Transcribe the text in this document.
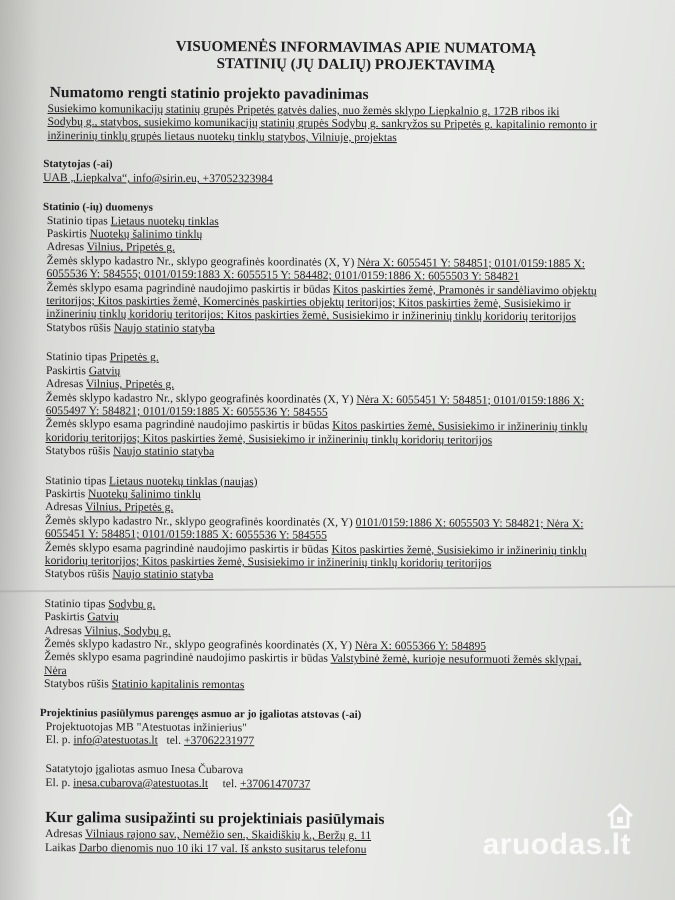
VISUOMENĖS INFORMAVIMAS APIE NUMATOMĄ
STATINIŲ (JŲ DALIŲ) PROJEKTAVIMĄ
Numatomo rengti statinio projekto pavadinimas
Susiekimo komunikacijų statinių grupės Pripetės gatvės dalies, nuo žemės sklypo Liepkalnio g. 172B ribos iki
Sodybų g., statybos, susiekimo komunikacijų statinių grupės Sodybų g. sankryžos su Pripetės g. kapitalinio remonto ir
inžinerinių tinklų grupės lietaus nuotekų tinklų statybos, Vilniuje, projektas
Statytojas (-ai)
UAB „Liepkalva“, info@sirin.eu, +37052323984
Statinio (-ių) duomenys
Statinio tipas Lietaus nuotekų tinklas
Paskirtis Nuotekų šalinimo tinklų
Adresas Vilnius, Pripetės g.
Žemės sklypo kadastro Nr., sklypo geografinės koordinatės (X, Y) Nėra X: 6055451 Y: 584851; 0101/0159:1885 X:
6055536 Y: 584555; 0101/0159:1883 X: 6055515 Y: 584482; 0101/0159:1886 X: 6055503 Y: 584821
Žemės sklypo esama pagrindinė naudojimo paskirtis ir būdas Kitos paskirties žemė, Pramonės ir sandėliavimo objektų
teritorijos; Kitos paskirties žemė, Komercinės paskirties objektų teritorijos; Kitos paskirties žemė, Susisiekimo ir
inžinerinių tinklų koridorių teritorijos; Kitos paskirties žemė, Susisiekimo ir inžinerinių tinklų koridorių teritorijos
Statybos rūšis Naujo statinio statyba
Statinio tipas Pripetės g.
Paskirtis Gatvių
Adresas Vilnius, Pripetės g.
Žemės sklypo kadastro Nr., sklypo geografinės koordinatės (X, Y) Nėra X: 6055451 Y: 584851; 0101/0159:1886 X:
6055497 Y: 584821; 0101/0159:1885 X: 6055536 Y: 584555
Žemės sklypo esama pagrindinė naudojimo paskirtis ir būdas Kitos paskirties žemė, Susisiekimo ir inžinerinių tinklų
koridorių teritorijos; Kitos paskirties žemė, Susisiekimo ir inžinerinių tinklų koridorių teritorijos
Statybos rūšis Naujo statinio statyba
Statinio tipas Lietaus nuotekų tinklas (naujas)
Paskirtis Nuotekų šalinimo tinklų
Adresas Vilnius, Pripetės g.
Žemės sklypo kadastro Nr., sklypo geografinės koordinatės (X, Y) 0101/0159:1886 X: 6055503 Y: 584821; Nėra X:
6055451 Y: 584851; 0101/0159:1885 X: 6055536 Y: 584555
Žemės sklypo esama pagrindinė naudojimo paskirtis ir būdas Kitos paskirties žemė, Susisiekimo ir inžinerinių tinklų
koridorių teritorijos; Kitos paskirties žemė, Susisiekimo ir inžinerinių tinklų koridorių teritorijos
Statybos rūšis Naujo statinio statyba
Statinio tipas Sodybų g.
Paskirtis Gatvių
Adresas Vilnius, Sodybų g.
Žemės sklypo kadastro Nr., sklypo geografinės koordinatės (X, Y) Nėra X: 6055366 Y: 584895
Žemės sklypo esama pagrindinė naudojimo paskirtis ir būdas Valstybinė žemė, kurioje nesuformuoti žemės sklypai,
Nėra
Statybos rūšis Statinio kapitalinis remontas
Projektinius pasiūlymus parengęs asmuo ar jo įgaliotas atstovas (-ai)
Projektuotojas MB "Atestuotas inžinierius"
El. p. info@atestuotas.lt tel. +37062231977
Satatytojo įgaliotas asmuo Inesa Čubarova
El. p. inesa.cubarova@atestuotas.lt tel. +37061470737
Kur galima susipažinti su projektiniais pasiūlymais
Adresas Vilniaus rajono sav., Nemėžio sen., Skaidiškių k., Beržų g. 11
Laikas Darbo dienomis nuo 10 iki 17 val. Iš anksto susitarus telefonu	aruodas.lt
